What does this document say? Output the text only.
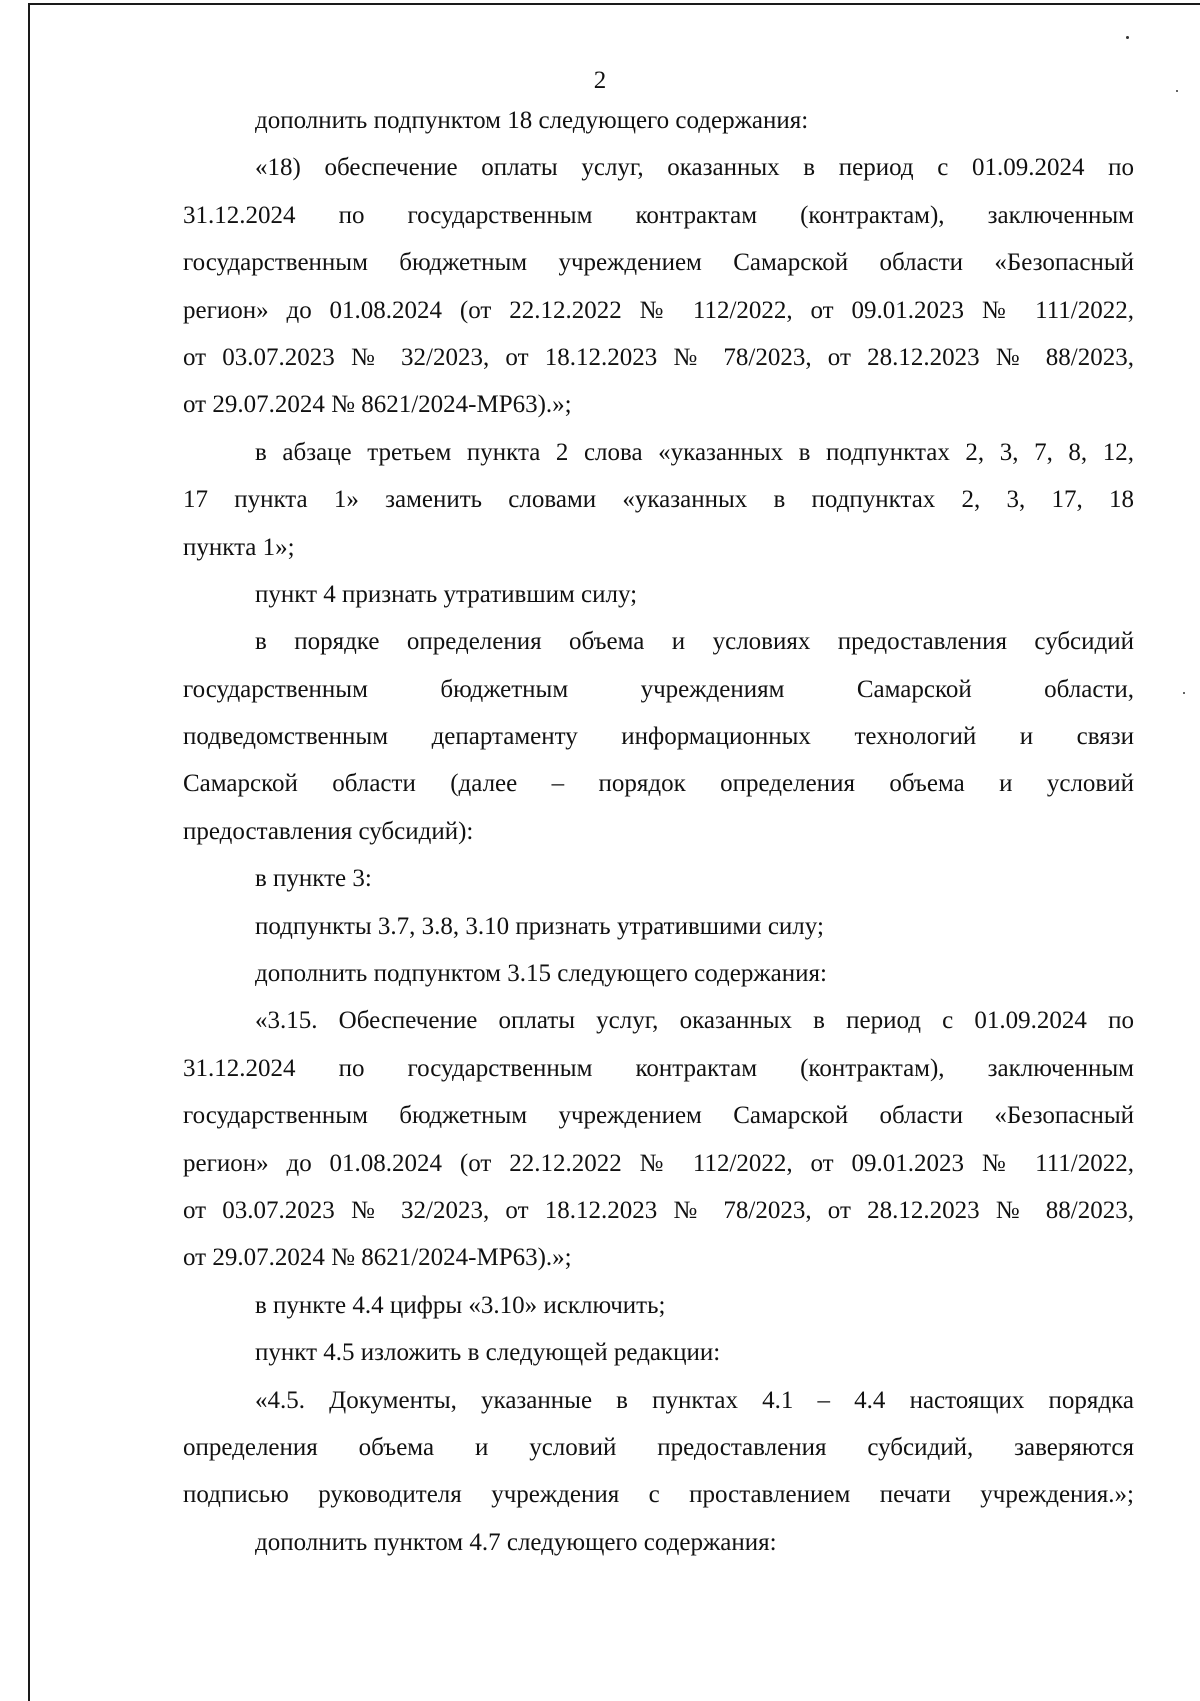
2
дополнить подпунктом 18 следующего содержания:
«18) обеспечение оплаты услуг, оказанных в период с 01.09.2024 по
31.12.2024 по государственным контрактам (контрактам), заключенным
государственным бюджетным учреждением Самарской области «Безопасный
регион» до 01.08.2024 (от 22.12.2022 № 112/2022, от 09.01.2023 № 111/2022,
от 03.07.2023 № 32/2023, от 18.12.2023 № 78/2023, от 28.12.2023 № 88/2023,
от 29.07.2024 № 8621/2024-МР63).»;
в абзаце третьем пункта 2 слова «указанных в подпунктах 2, 3, 7, 8, 12,
17 пункта 1» заменить словами «указанных в подпунктах 2, 3, 17, 18
пункта 1»;
пункт 4 признать утратившим силу;
в порядке определения объема и условиях предоставления субсидий
государственным бюджетным учреждениям Самарской области,
подведомственным департаменту информационных технологий и связи
Самарской области (далее – порядок определения объема и условий
предоставления субсидий):
в пункте 3:
подпункты 3.7, 3.8, 3.10 признать утратившими силу;
дополнить подпунктом 3.15 следующего содержания:
«3.15. Обеспечение оплаты услуг, оказанных в период с 01.09.2024 по
31.12.2024 по государственным контрактам (контрактам), заключенным
государственным бюджетным учреждением Самарской области «Безопасный
регион» до 01.08.2024 (от 22.12.2022 № 112/2022, от 09.01.2023 № 111/2022,
от 03.07.2023 № 32/2023, от 18.12.2023 № 78/2023, от 28.12.2023 № 88/2023,
от 29.07.2024 № 8621/2024-МР63).»;
в пункте 4.4 цифры «3.10» исключить;
пункт 4.5 изложить в следующей редакции:
«4.5. Документы, указанные в пунктах 4.1 – 4.4 настоящих порядка
определения объема и условий предоставления субсидий, заверяются
подписью руководителя учреждения с проставлением печати учреждения.»;
дополнить пунктом 4.7 следующего содержания:
